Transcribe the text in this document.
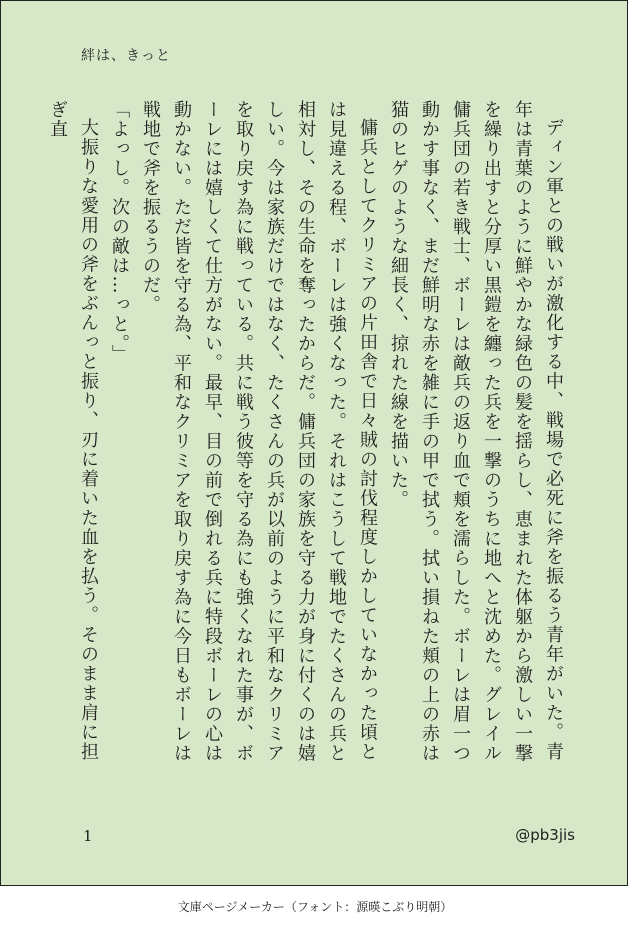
絆は、きっと

ディン軍との戦いが激化する中、戦場で必死に斧を振るう青年がいた。青年は青葉のように鮮やかな緑色の髪を揺らし、恵まれた体躯から激しい一撃を繰り出すと分厚い黒鎧を纏った兵を一撃のうちに地へと沈めた。グレイル傭兵団の若き戦士、ボーレは敵兵の返り血で頬を濡らした。ボーレは眉一つ動かす事なく、まだ鮮明な赤を雑に手の甲で拭う。拭い損ねた頬の上の赤は猫のヒゲのような細長く、掠れた線を描いた。

傭兵としてクリミアの片田舎で日々賊の討伐程度しかしていなかった頃とは見違える程、ボーレは強くなった。それはこうして戦地でたくさんの兵と相対し、その生命を奪ったからだ。傭兵団の家族を守る力が身に付くのは嬉しい。今は家族だけではなく、たくさんの兵が以前のように平和なクリミアを取り戻す為に戦っている。共に戦う彼等を守る為にも強くなれた事が、ボーレには嬉しくて仕方がない。最早、目の前で倒れる兵に特段ボーレの心は動かない。ただ皆を守る為、平和なクリミアを取り戻す為に今日もボーレは戦地で斧を振るうのだ。

「よっし。次の敵は…っと。」

大振りな愛用の斧をぶんっと振り、刃に着いた血を払う。そのまま肩に担ぎ直

1	@pb3jis
文庫ページメーカー（フォント：源暎こぶり明朝）
